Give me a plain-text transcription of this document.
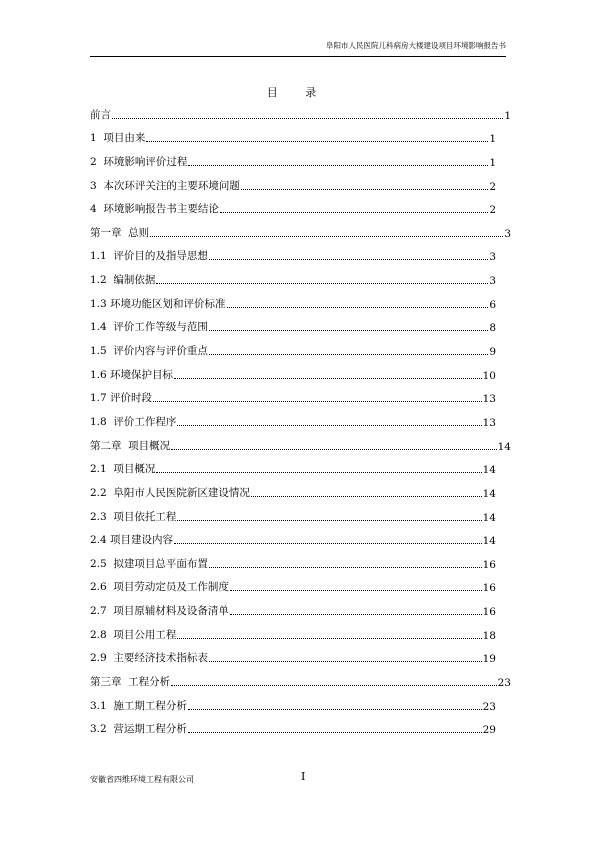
阜阳市人民医院儿科病房大楼建设项目环境影响报告书
目 录
前言	1
1  项目由来	1
2  环境影响评价过程	1
3  本次环评关注的主要环境问题	2
4  环境影响报告书主要结论	2
第一章  总则	3
1.1  评价目的及指导思想	3
1.2  编制依据	3
1.3 环境功能区划和评价标准	6
1.4  评价工作等级与范围	8
1.5  评价内容与评价重点	9
1.6 环境保护目标	10
1.7 评价时段	13
1.8  评价工作程序	13
第二章  项目概况	14
2.1  项目概况	14
2.2  阜阳市人民医院新区建设情况	14
2.3  项目依托工程	14
2.4 项目建设内容	14
2.5  拟建项目总平面布置	16
2.6  项目劳动定员及工作制度	16
2.7  项目原辅材料及设备清单	16
2.8  项目公用工程	18
2.9  主要经济技术指标表	19
第三章  工程分析	23
3.1  施工期工程分析	23
3.2  营运期工程分析	29
安徽省四维环境工程有限公司	I
